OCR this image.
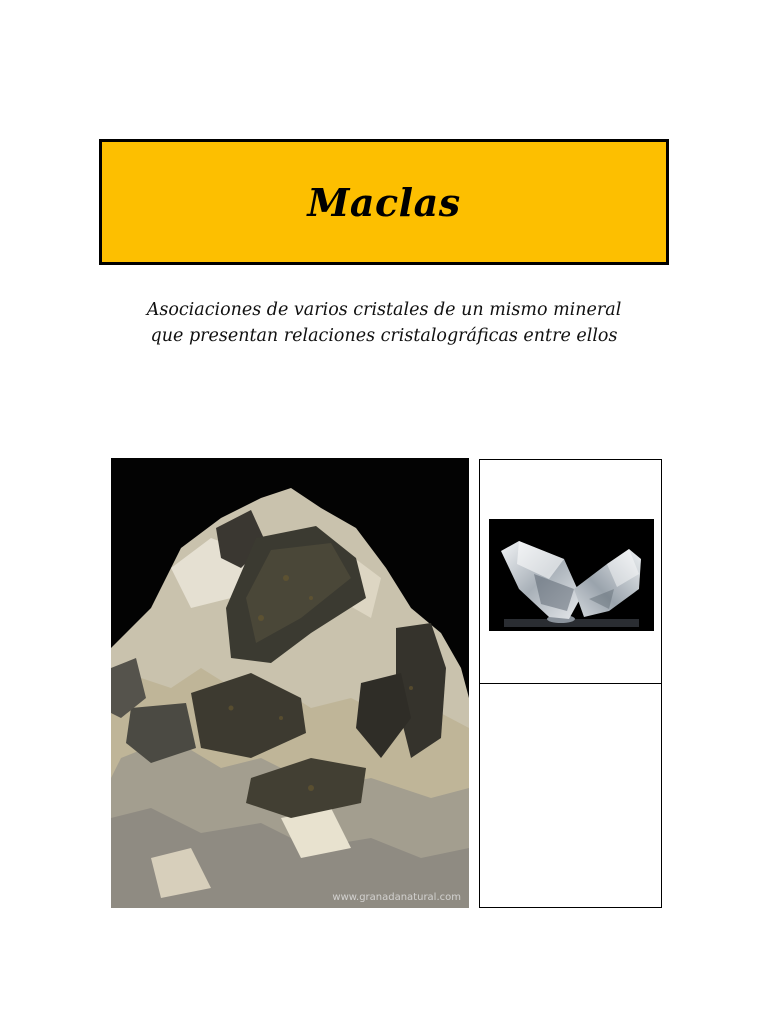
Maclas
Asociaciones de varios cristales de un mismo mineral
que presentan relaciones cristalográficas entre ellos
www.granadanatural.com
